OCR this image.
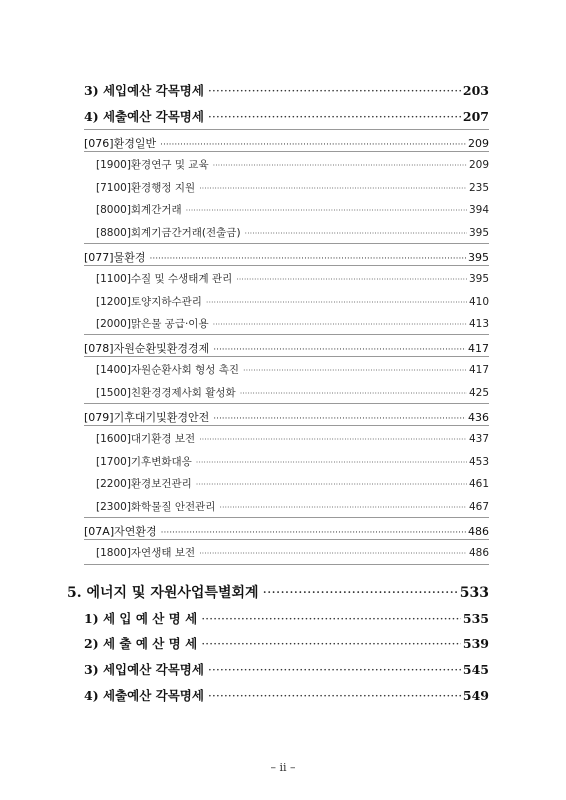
3) 세입예산 각목명세 ·····	203
4) 세출예산 각목명세 ·····	207
[076]환경일반 ·····	209
[1900]환경연구 및 교육 ·····	209
[7100]환경행정 지원 ·····	235
[8000]회계간거래 ·····	394
[8800]회계기금간거래(전출금) ·····	395
[077]물환경 ·····	395
[1100]수질 및 수생태계 관리 ·····	395
[1200]토양지하수관리 ·····	410
[2000]맑은물 공급·이용 ·····	413
[078]자원순환및환경경제 ·····	417
[1400]자원순환사회 형성 촉진 ·····	417
[1500]친환경경제사회 활성화 ·····	425
[079]기후대기및환경안전 ·····	436
[1600]대기환경 보전 ·····	437
[1700]기후변화대응 ·····	453
[2200]환경보건관리 ·····	461
[2300]화학물질 안전관리 ·····	467
[07A]자연환경 ·····	486
[1800]자연생태 보전 ·····	486
5. 에너지 및 자원사업특별회계 ·····	533
1) 세 입 예 산 명 세 ·····	535
2) 세 출 예 산 명 세 ·····	539
3) 세입예산 각목명세 ·····	545
4) 세출예산 각목명세 ·····	549
– ii –
